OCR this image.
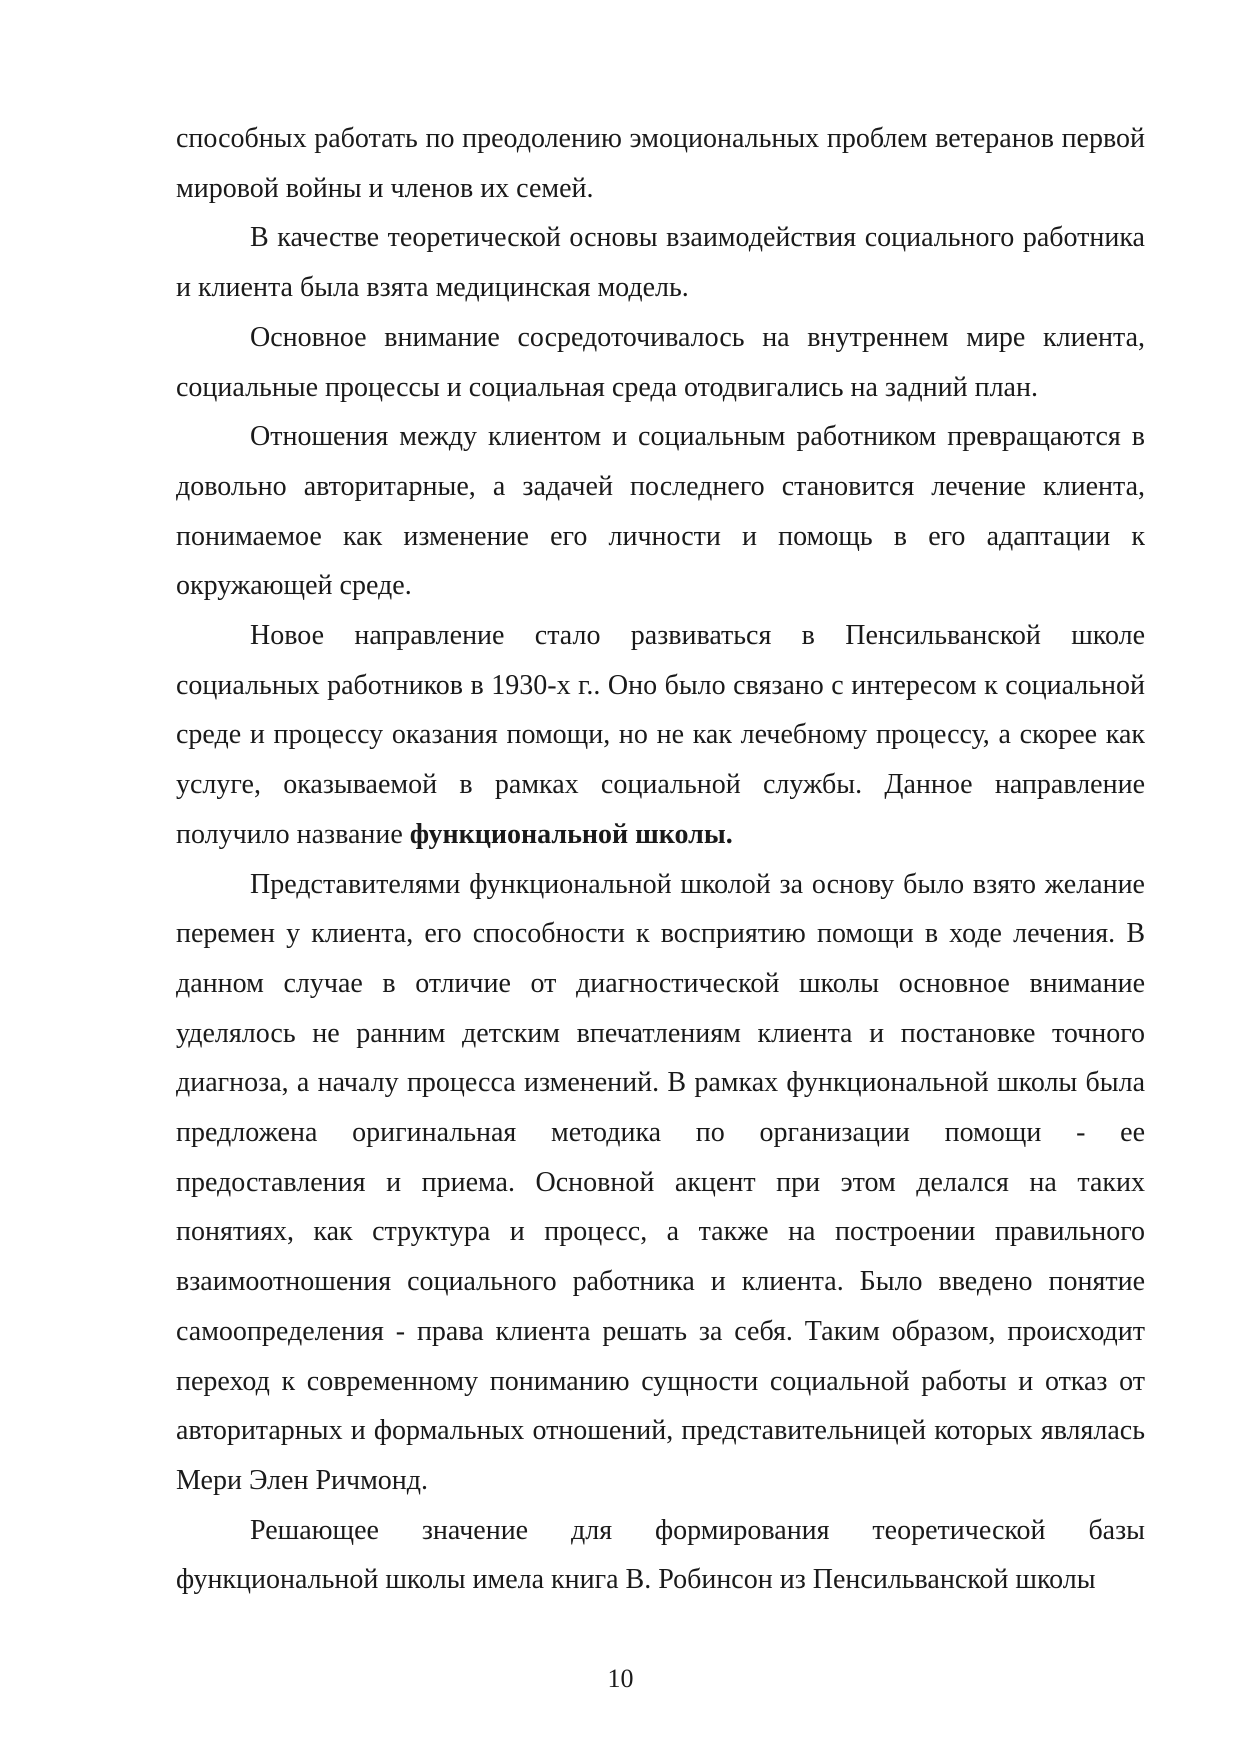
способных работать по преодолению эмоциональных проблем ветеранов первой мировой войны и членов их семей.

В качестве теоретической основы взаимодействия социального работника и клиента была взята медицинская модель.

Основное внимание сосредоточивалось на внутреннем мире клиента, социальные процессы и социальная среда отодвигались на задний план.

Отношения между клиентом и социальным работником превращаются в довольно авторитарные, а задачей последнего становится лечение клиента, понимаемое как изменение его личности и помощь в его адаптации к окружающей среде.

Новое направление стало развиваться в Пенсильванской школе социальных работников в 1930-х г.. Оно было связано с интересом к социальной среде и процессу оказания помощи, но не как лечебному процессу, а скорее как услуге, оказываемой в рамках социальной службы. Данное направление получило название функциональной школы.

Представителями функциональной школой за основу было взято желание перемен у клиента, его способности к восприятию помощи в ходе лечения. В данном случае в отличие от диагностической школы основное внимание уделялось не ранним детским впечатлениям клиента и постановке точного диагноза, а началу процесса изменений. В рамках функциональной школы была предложена оригинальная методика по организации помощи - ее предоставления и приема. Основной акцент при этом делался на таких понятиях, как структура и процесс, а также на построении правильного взаимоотношения социального работника и клиента. Было введено понятие самоопределения - права клиента решать за себя. Таким образом, происходит переход к современному пониманию сущности социальной работы и отказ от авторитарных и формальных отношений, представительницей которых являлась Мери Элен Ричмонд.

Решающее значение для формирования теоретической базы функциональной школы имела книга В. Робинсон из Пенсильванской школы

10
